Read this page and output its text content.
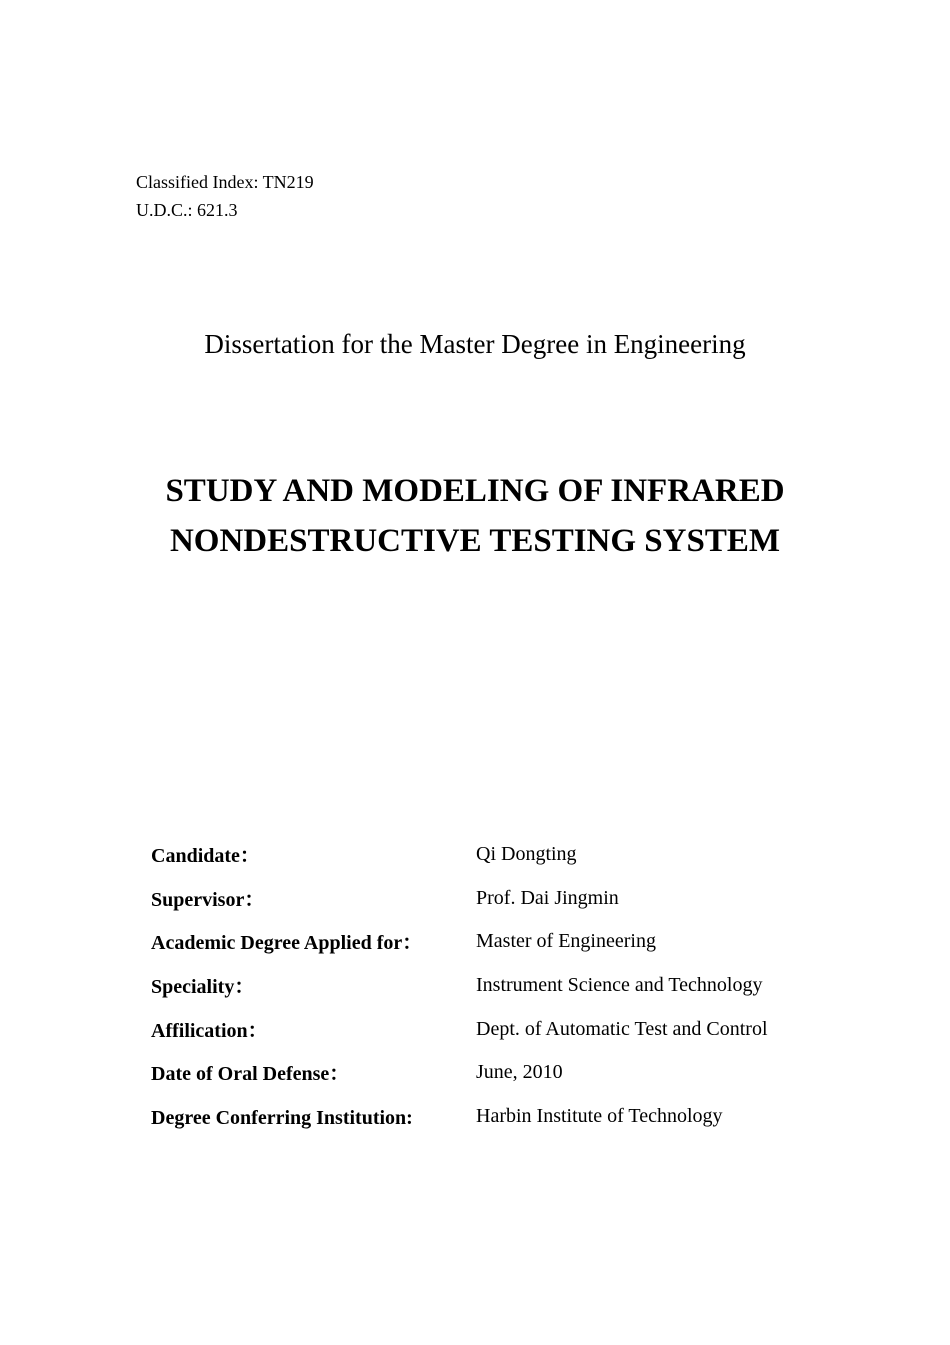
Classified Index: TN219
U.D.C.: 621.3
Dissertation for the Master Degree in Engineering
STUDY AND MODELING OF INFRARED
NONDESTRUCTIVE TESTING SYSTEM
Candidate：	Qi Dongting
Supervisor：	Prof. Dai Jingmin
Academic Degree Applied for：	Master of Engineering
Speciality：	Instrument Science and Technology
Affilication：	Dept. of Automatic Test and Control
Date of Oral Defense：	June, 2010
Degree Conferring Institution:	Harbin Institute of Technology
